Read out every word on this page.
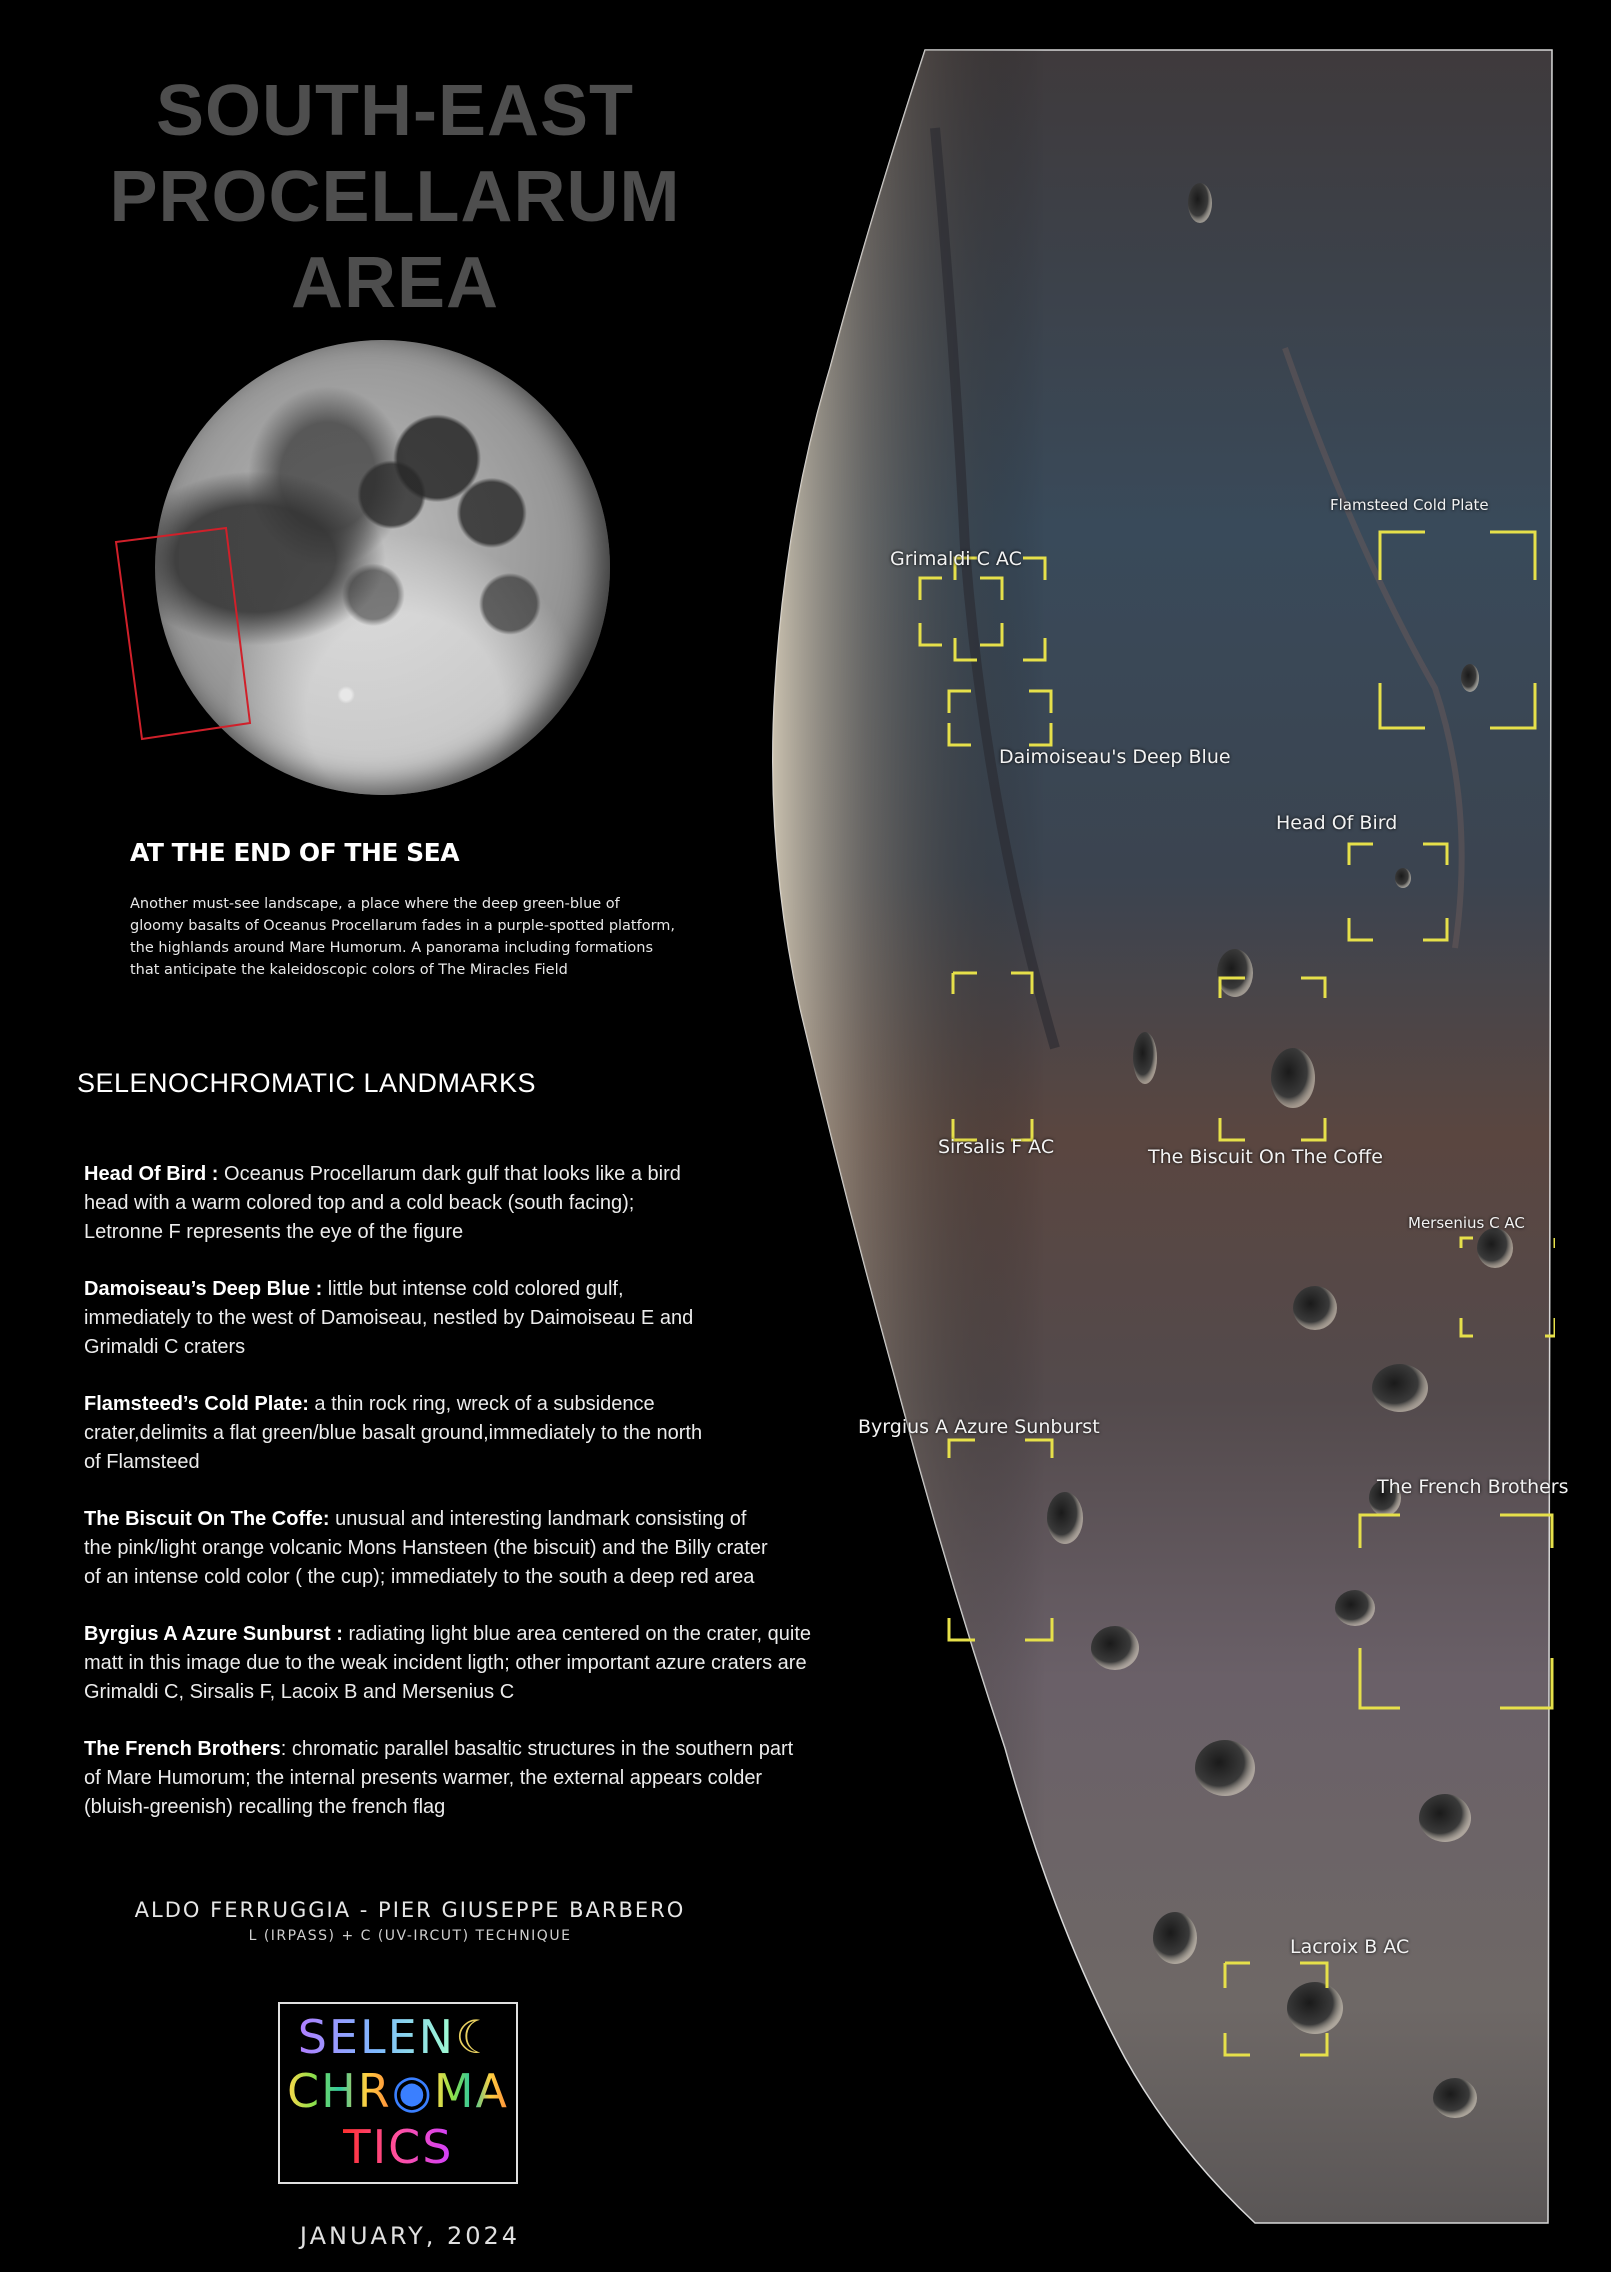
SOUTH-EAST
PROCELLARUM
AREA
AT THE END OF THE SEA
Another must-see landscape, a place where the deep green-blue of
gloomy basalts of Oceanus Procellarum fades in a purple-spotted platform,
the highlands around Mare Humorum. A panorama including formations
that anticipate the kaleidoscopic colors of The Miracles Field
SELENOCHROMATIC LANDMARKS
Head Of Bird : Oceanus Procellarum dark gulf that looks like a bird
head with a warm colored top and a cold beack (south facing);
Letronne F represents the eye of the figure
Damoiseau’s Deep Blue : little but intense cold colored gulf,
immediately to the west of Damoiseau, nestled by Daimoiseau E and
Grimaldi C craters
Flamsteed’s Cold Plate: a thin rock ring, wreck of a subsidence
crater,delimits a flat green/blue basalt ground,immediately to the north
of Flamsteed
The Biscuit On The Coffe: unusual and interesting landmark consisting of
the pink/light orange volcanic Mons Hansteen (the biscuit) and the Billy crater
of an intense cold color ( the cup); immediately to the south a deep red area
Byrgius A Azure Sunburst : radiating light blue area centered on the crater, quite
matt in this image due to the weak incident ligth; other important azure craters are
Grimaldi C, Sirsalis F, Lacoix B and Mersenius C
The French Brothers: chromatic parallel basaltic structures in the southern part
of Mare Humorum; the internal presents warmer, the external appears colder
(bluish-greenish) recalling the french flag
ALDO FERRUGGIA - PIER GIUSEPPE BARBERO
L (IRPASS) + C (UV-IRCUT) TECHNIQUE
SELEN☾
CHR◉MA
TICS
JANUARY, 2024
Flamsteed Cold Plate
Grimaldi C AC
Daimoiseau's Deep Blue
Head Of Bird
Sirsalis F AC	The Biscuit On The Coffe
Mersenius C AC
Byrgius A Azure Sunburst
The French Brothers
Lacroix B AC
